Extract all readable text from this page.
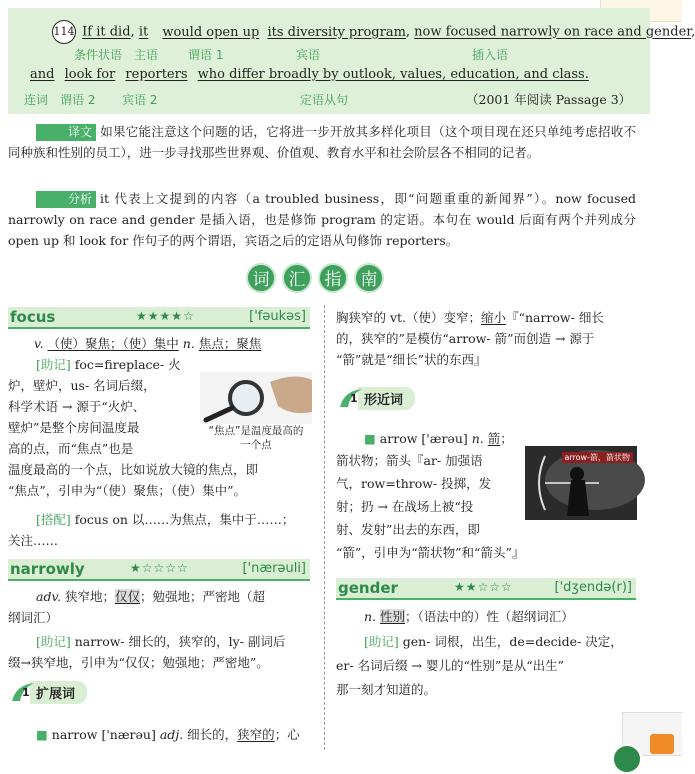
114 If it did, it would open up its diversity program, now focused narrowly on race and gender,
条件状语 主语 谓语 1	宾语	插入语
and look for reporters who differ broadly by outlook, values, education, and class.
连词 谓语 2 宾语 2	定语从句	（2001 年阅读 Passage 3）
译文 如果它能注意这个问题的话，它将进一步开放其多样化项目（这个项目现在还只单纯考虑招收不同种族和性别的员工），进一步寻找那些世界观、价值观、教育水平和社会阶层各不相同的记者。
分析 it 代表上文提到的内容（a troubled business，即“问题重重的新闻界”）。now focused narrowly on race and gender 是插入语，也是修饰 program 的定语。本句在 would 后面有两个并列成分 open up 和 look for 作句子的两个谓语，宾语之后的定语从句修饰 reporters。
词	汇	指	南
focus	★★★★☆	['fəukəs]
v. （使）聚焦；（使）集中 n. 焦点；聚焦
[助记] foc=fireplace- 火
炉，壁炉，us- 名词后缀，
科学术语 → 源于“火炉、
壁炉”是整个房间温度最
高的点，而“焦点”也是
温度最高的一个点，比如说放大镜的焦点，即
“焦点”，引申为“（使）聚焦；（使）集中”。
“焦点”是温度最高的一个点
[搭配] focus on 以……为焦点，集中于……；
关注……
narrowly	★☆☆☆☆	['nærəuli]
adv. 狭窄地；仅仅；勉强地；严密地（超
纲词汇）
[助记] narrow- 细长的，狭窄的，ly- 副词后
缀→狭窄地，引申为“仅仅；勉强地；严密地”。
1 扩展词
■ narrow ['nærəu] adj. 细长的，狭窄的；心
胸狭窄的 vt.（使）变窄；缩小『“narrow- 细长
的，狭窄的”是模仿“arrow- 箭”而创造 → 源于
“箭”就是“细长”状的东西』
1 形近词
■ arrow ['ærəu] n. 箭；
箭状物；箭头『ar- 加强语
气，row=throw- 投掷，发
射；扔 → 在战场上被“投
射、发射”出去的东西，即
“箭”，引申为“箭状物”和“箭头”』
arrow-箭，箭状物
gender	★★☆☆☆	['dʒendə(r)]
n. 性别；（语法中的）性（超纲词汇）
[助记] gen- 词根，出生，de=decide- 决定，
er- 名词后缀 → 婴儿的“性别”是从“出生”
那一刻才知道的。
